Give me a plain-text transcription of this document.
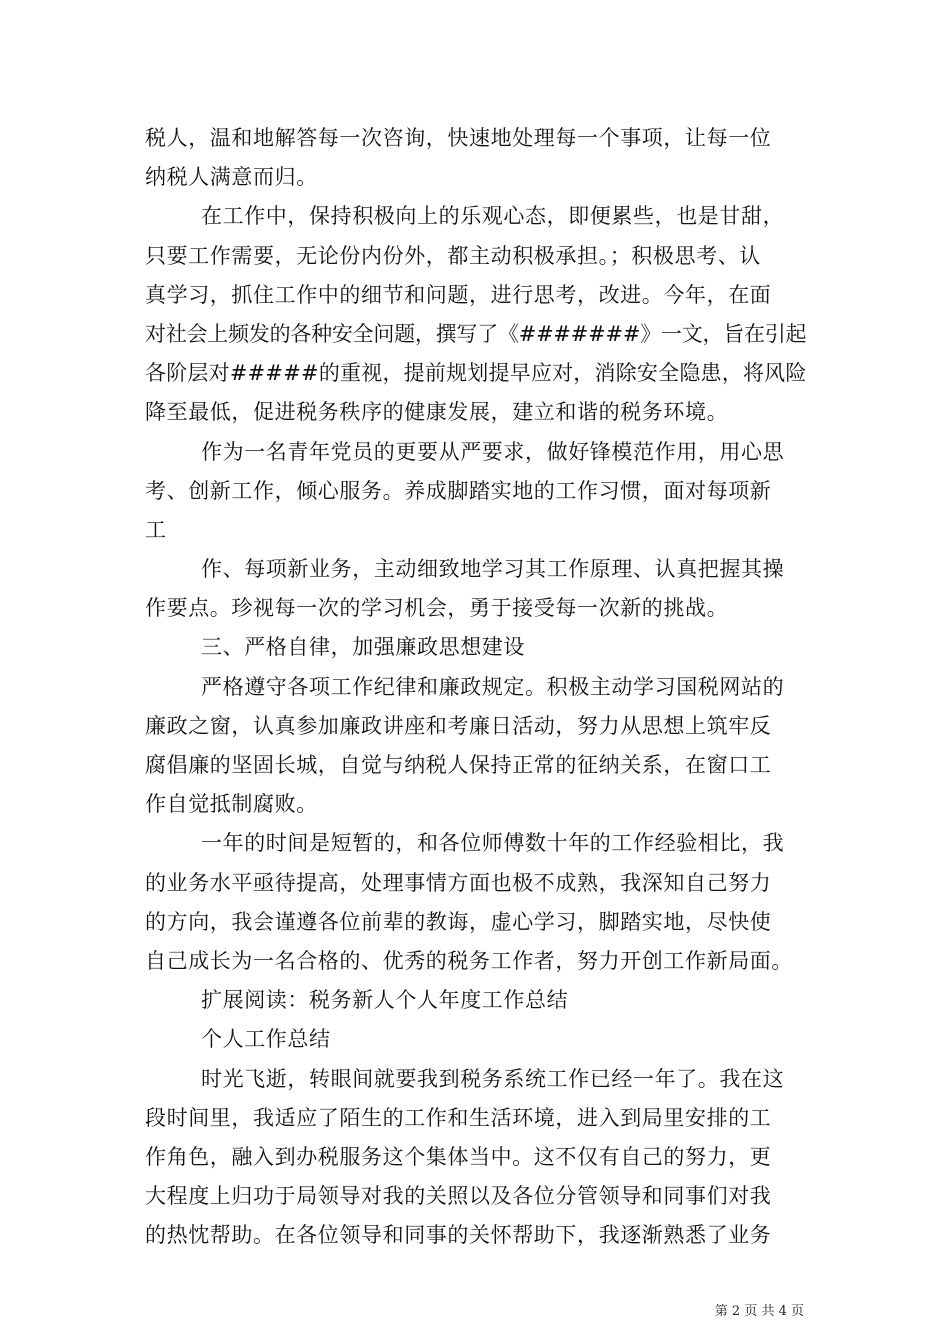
税人，温和地解答每一次咨询，快速地处理每一个事项，让每一位
纳税人满意而归。
在工作中，保持积极向上的乐观心态，即便累些，也是甘甜，
只要工作需要，无论份内份外，都主动积极承担。；积极思考、认
真学习，抓住工作中的细节和问题，进行思考，改进。今年，在面
对社会上频发的各种安全问题，撰写了《#######》一文，旨在引起
各阶层对#####的重视，提前规划提早应对，消除安全隐患，将风险
降至最低，促进税务秩序的健康发展，建立和谐的税务环境。
作为一名青年党员的更要从严要求，做好锋模范作用，用心思
考、创新工作，倾心服务。养成脚踏实地的工作习惯，面对每项新
工
作、每项新业务，主动细致地学习其工作原理、认真把握其操
作要点。珍视每一次的学习机会，勇于接受每一次新的挑战。
三、严格自律，加强廉政思想建设
严格遵守各项工作纪律和廉政规定。积极主动学习国税网站的
廉政之窗，认真参加廉政讲座和考廉日活动，努力从思想上筑牢反
腐倡廉的坚固长城，自觉与纳税人保持正常的征纳关系，在窗口工
作自觉抵制腐败。
一年的时间是短暂的，和各位师傅数十年的工作经验相比，我
的业务水平亟待提高，处理事情方面也极不成熟，我深知自己努力
的方向，我会谨遵各位前辈的教诲，虚心学习，脚踏实地，尽快使
自己成长为一名合格的、优秀的税务工作者，努力开创工作新局面。
扩展阅读：税务新人个人年度工作总结
个人工作总结
时光飞逝，转眼间就要我到税务系统工作已经一年了。我在这
段时间里，我适应了陌生的工作和生活环境，进入到局里安排的工
作角色，融入到办税服务这个集体当中。这不仅有自己的努力，更
大程度上归功于局领导对我的关照以及各位分管领导和同事们对我
的热忱帮助。在各位领导和同事的关怀帮助下，我逐渐熟悉了业务
第 2 页 共 4 页
